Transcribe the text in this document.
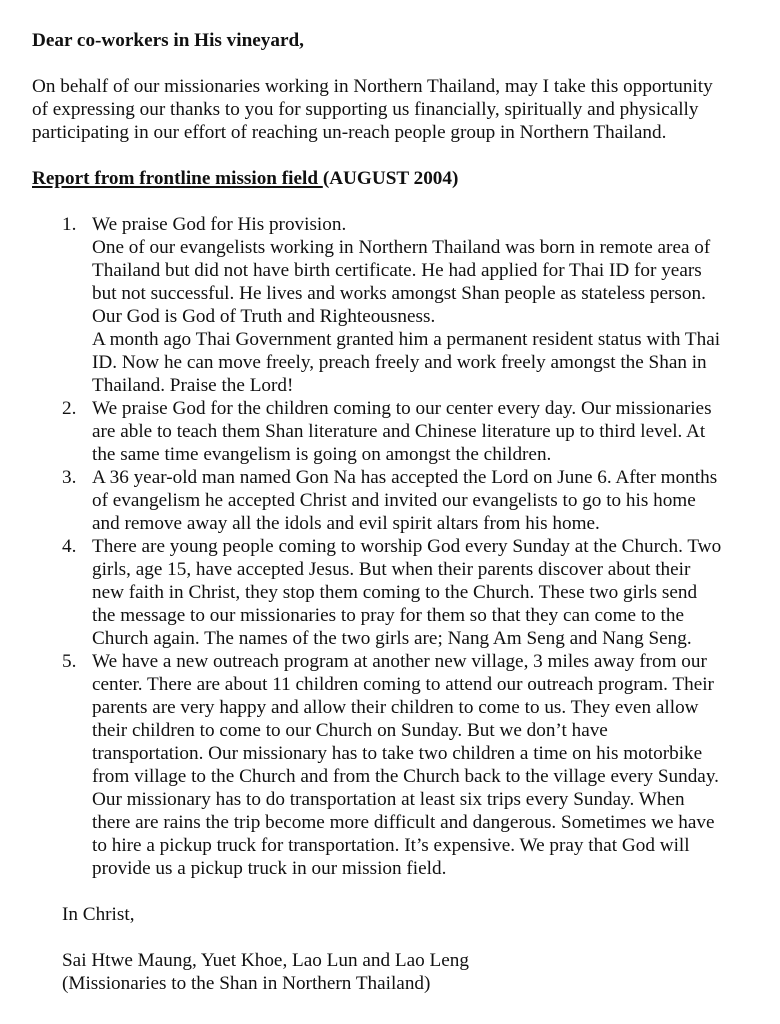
Dear co-workers in His vineyard,
On behalf of our missionaries working in Northern Thailand, may I take this opportunity
of expressing our thanks to you for supporting us financially, spiritually and physically
participating in our effort of reaching un-reach people group in Northern Thailand.
Report from frontline mission field (AUGUST 2004)
1. We praise God for His provision.
One of our evangelists working in Northern Thailand was born in remote area of
Thailand but did not have birth certificate. He had applied for Thai ID for years
but not successful. He lives and works amongst Shan people as stateless person.
Our God is God of Truth and Righteousness.
A month ago Thai Government granted him a permanent resident status with Thai
ID. Now he can move freely, preach freely and work freely amongst the Shan in
Thailand. Praise the Lord!
2. We praise God for the children coming to our center every day. Our missionaries
are able to teach them Shan literature and Chinese literature up to third level. At
the same time evangelism is going on amongst the children.
3. A 36 year-old man named Gon Na has accepted the Lord on June 6. After months
of evangelism he accepted Christ and invited our evangelists to go to his home
and remove away all the idols and evil spirit altars from his home.
4. There are young people coming to worship God every Sunday at the Church. Two
girls, age 15, have accepted Jesus. But when their parents discover about their
new faith in Christ, they stop them coming to the Church. These two girls send
the message to our missionaries to pray for them so that they can come to the
Church again. The names of the two girls are; Nang Am Seng and Nang Seng.
5. We have a new outreach program at another new village, 3 miles away from our
center. There are about 11 children coming to attend our outreach program. Their
parents are very happy and allow their children to come to us. They even allow
their children to come to our Church on Sunday. But we don’t have
transportation. Our missionary has to take two children a time on his motorbike
from village to the Church and from the Church back to the village every Sunday.
Our missionary has to do transportation at least six trips every Sunday. When
there are rains the trip become more difficult and dangerous. Sometimes we have
to hire a pickup truck for transportation. It’s expensive. We pray that God will
provide us a pickup truck in our mission field.
In Christ,
Sai Htwe Maung, Yuet Khoe, Lao Lun and Lao Leng
(Missionaries to the Shan in Northern Thailand)
